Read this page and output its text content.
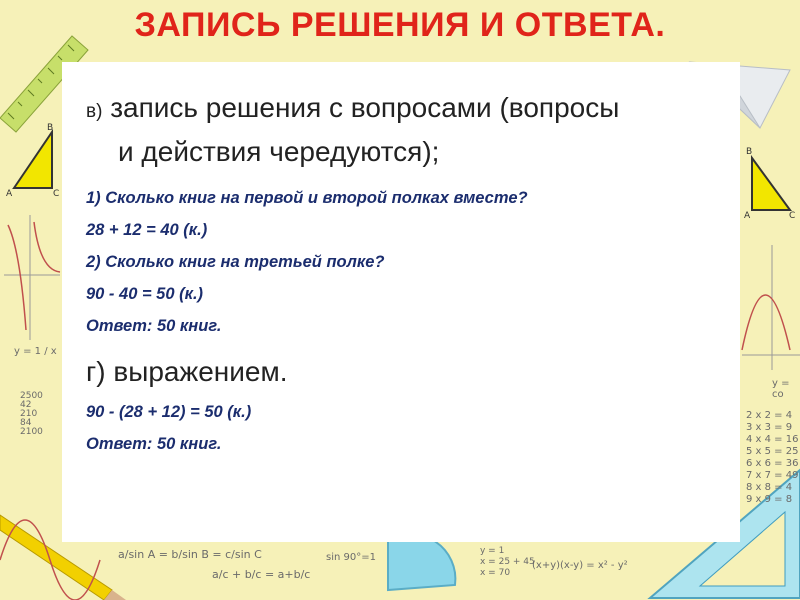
B
A	C
B
A	C
y = 1 / x
y = co
2500
42
210
84
2100
2 x 2 = 4
3 x 3 = 9
4 x 4 = 16
5 x 5 = 25
6 x 6 = 36
7 x 7 = 49
8 x 8 = 4
9 x 9 = 8
a/sin A = b/sin B = c/sin C
a/c + b/c = a+b/c
sin 90°=1
(x+y)(x-y) = x² - y²
y = 1
x = 25 + 45
x = 70
ЗАПИСЬ РЕШЕНИЯ И ОТВЕТА.
в) запись решения с вопросами (вопросы
и действия чередуются);
1) Сколько книг на первой и второй полках вместе?
28 + 12 = 40 (к.)
2) Сколько книг на третьей полке?
90 - 40 = 50 (к.)
Ответ: 50 книг.
г) выражением.
90 - (28 + 12) = 50 (к.)
Ответ: 50 книг.
